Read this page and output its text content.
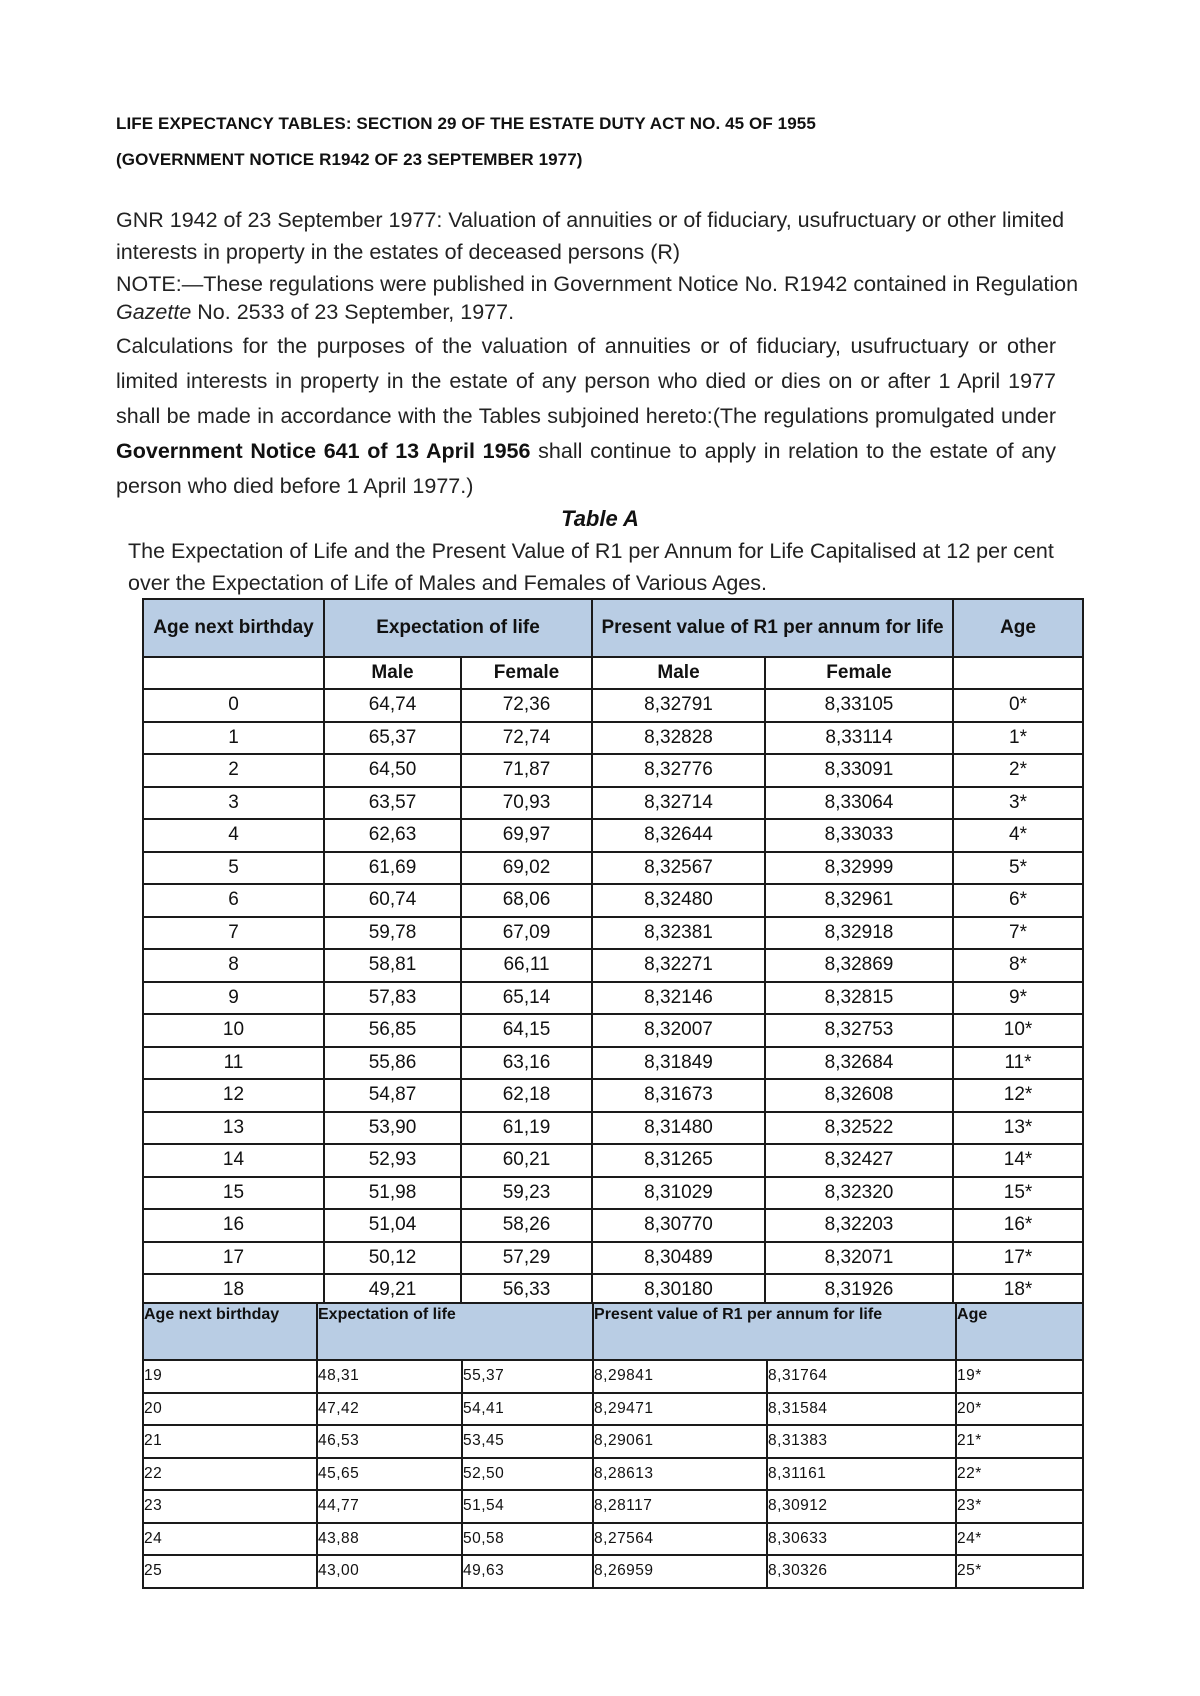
LIFE EXPECTANCY TABLES: SECTION 29 OF THE ESTATE DUTY ACT NO. 45 OF 1955
(GOVERNMENT NOTICE R1942 OF 23 SEPTEMBER 1977)
GNR 1942 of 23 September 1977: Valuation of annuities or of fiduciary, usufructuary or other limited interests in property in the estates of deceased persons (R)
NOTE:—These regulations were published in Government Notice No. R1942 contained in Regulation Gazette No. 2533 of 23 September, 1977.
Calculations for the purposes of the valuation of annuities or of fiduciary, usufructuary or other limited interests in property in the estate of any person who died or dies on or after 1 April 1977 shall be made in accordance with the Tables subjoined hereto:(The regulations promulgated under Government Notice 641 of 13 April 1956 shall continue to apply in relation to the estate of any person who died before 1 April 1977.)
Table A
The Expectation of Life and the Present Value of R1 per Annum for Life Capitalised at 12 per cent over the Expectation of Life of Males and Females of Various Ages.
Age next birthday	Expectation of life		Present value of R1 per annum for life		Age
	Male	Female	Male	Female	
0	64,74	72,36	8,32791	8,33105	0*
1	65,37	72,74	8,32828	8,33114	1*
2	64,50	71,87	8,32776	8,33091	2*
3	63,57	70,93	8,32714	8,33064	3*
4	62,63	69,97	8,32644	8,33033	4*
5	61,69	69,02	8,32567	8,32999	5*
6	60,74	68,06	8,32480	8,32961	6*
7	59,78	67,09	8,32381	8,32918	7*
8	58,81	66,11	8,32271	8,32869	8*
9	57,83	65,14	8,32146	8,32815	9*
10	56,85	64,15	8,32007	8,32753	10*
11	55,86	63,16	8,31849	8,32684	11*
12	54,87	62,18	8,31673	8,32608	12*
13	53,90	61,19	8,31480	8,32522	13*
14	52,93	60,21	8,31265	8,32427	14*
15	51,98	59,23	8,31029	8,32320	15*
16	51,04	58,26	8,30770	8,32203	16*
17	50,12	57,29	8,30489	8,32071	17*
18	49,21	56,33	8,30180	8,31926	18*
Age next birthday	Expectation of life		Present value of R1 per annum for life		Age
19	48,31	55,37	8,29841	8,31764	19*
20	47,42	54,41	8,29471	8,31584	20*
21	46,53	53,45	8,29061	8,31383	21*
22	45,65	52,50	8,28613	8,31161	22*
23	44,77	51,54	8,28117	8,30912	23*
24	43,88	50,58	8,27564	8,30633	24*
25	43,00	49,63	8,26959	8,30326	25*
